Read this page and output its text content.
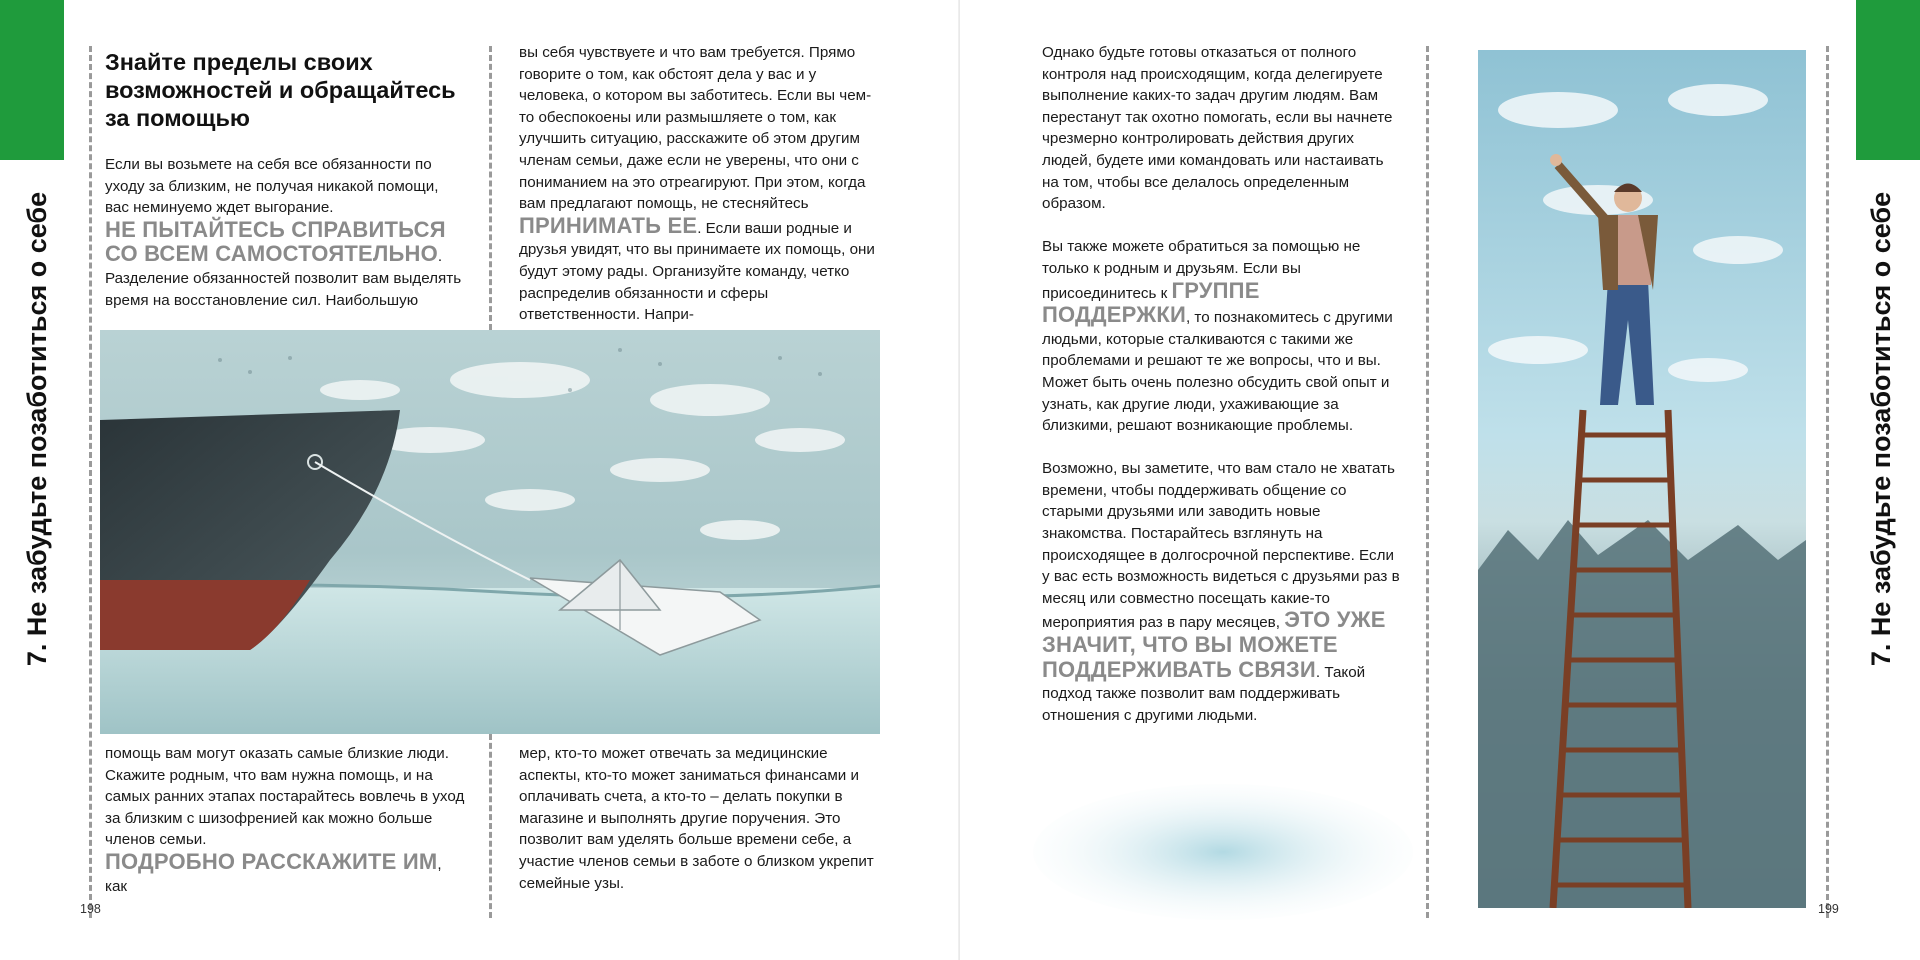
7. Не забудьте позаботиться о себе
Знайте пределы своих возможностей и обращайтесь за помощью

Если вы возьмете на себя все обязанности по уходу за близким, не получая никакой помощи, вас неминуемо ждет выгорание.
НЕ ПЫТАЙТЕСЬ СПРАВИТЬСЯ СО ВСЕМ САМОСТОЯТЕЛЬНО. Разделение обязанностей позволит вам выделять время на восстановление сил. Наибольшую

вы себя чувствуете и что вам требуется. Прямо говорите о том, как обстоят дела у вас и у человека, о котором вы заботитесь. Если вы чем-то обеспокоены или размышляете о том, как улучшить ситуацию, расскажите об этом другим членам семьи, даже если не уверены, что они с пониманием на это отреагируют. При этом, когда вам предлагают помощь, не стесняйтесь ПРИНИМАТЬ ЕЕ. Если ваши родные и друзья увидят, что вы принимаете их помощь, они будут этому рады. Организуйте команду, четко распределив обязанности и сферы ответственности. Напри-

помощь вам могут оказать самые близкие люди. Скажите родным, что вам нужна помощь, и на самых ранних этапах постарайтесь вовлечь в уход за близким с шизофренией как можно больше членов семьи.
ПОДРОБНО РАССКАЖИТЕ ИМ, как

мер, кто-то может отвечать за медицинские аспекты, кто-то может заниматься финансами и оплачивать счета, а кто-то – делать покупки в магазине и выполнять другие поручения. Это позволит вам уделять больше времени себе, а участие членов семьи в заботе о близком укрепит семейные узы.

198

Однако будьте готовы отказаться от полного контроля над происходящим, когда делегируете выполнение каких-то задач другим людям. Вам перестанут так охотно помогать, если вы начнете чрезмерно контролировать действия других людей, будете ими командовать или настаивать на том, чтобы все делалось определенным образом.

Вы также можете обратиться за помощью не только к родным и друзьям. Если вы присоединитесь к ГРУППЕ ПОДДЕРЖКИ, то познакомитесь с другими людьми, которые сталкиваются с такими же проблемами и решают те же вопросы, что и вы. Может быть очень полезно обсудить свой опыт и узнать, как другие люди, ухаживающие за близкими, решают возникающие проблемы.

Возможно, вы заметите, что вам стало не хватать времени, чтобы поддерживать общение со старыми друзьями или заводить новые знакомства. Постарайтесь взглянуть на происходящее в долгосрочной перспективе. Если у вас есть возможность видеться с друзьями раз в месяц или совместно посещать какие-то мероприятия раз в пару месяцев, ЭТО УЖЕ ЗНАЧИТ, ЧТО ВЫ МОЖЕТЕ ПОДДЕРЖИВАТЬ СВЯЗИ. Такой подход также позволит вам поддерживать отношения с другими людьми.

7. Не забудьте позаботиться о себе
199
